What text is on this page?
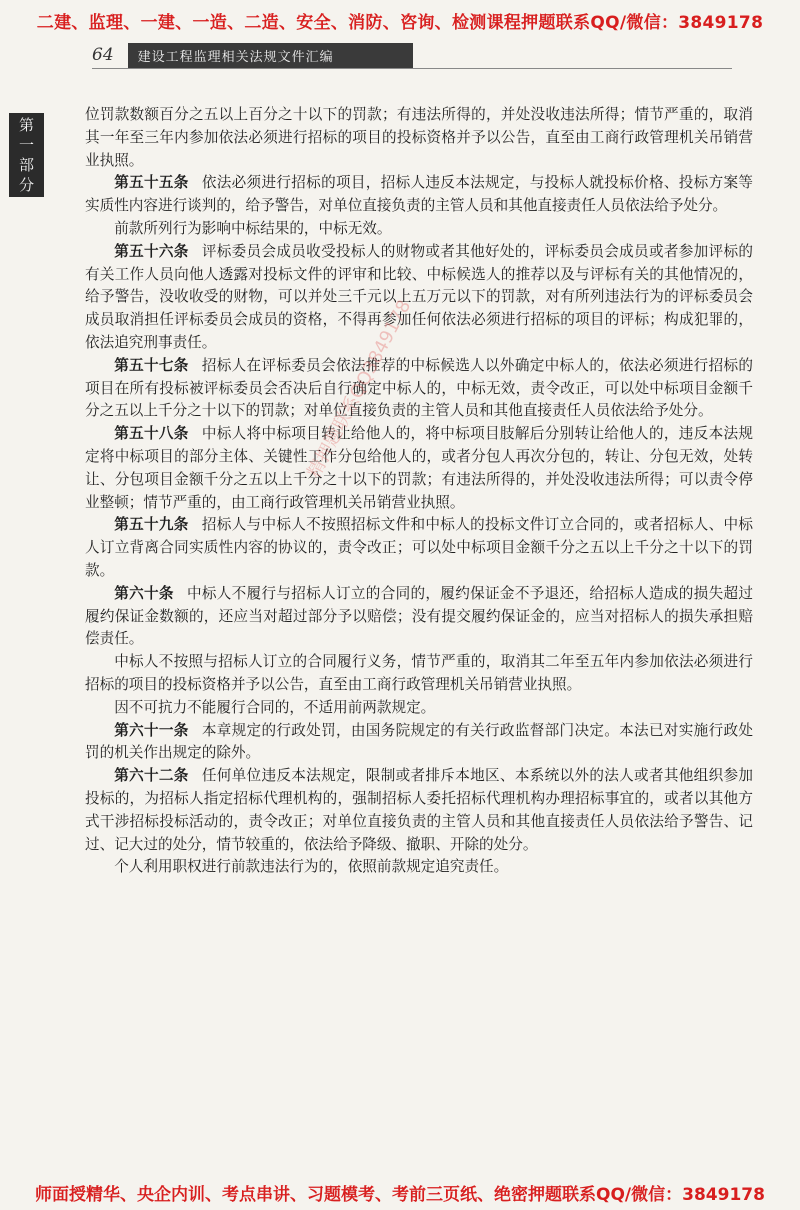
二建、监理、一建、一造、二造、安全、消防、咨询、检测课程押题联系QQ/微信：3849178
64	建设工程监理相关法规文件汇编
第
一
部
分

位罚款数额百分之五以上百分之十以下的罚款；有违法所得的，并处没收违法所得；情节严重的，取消其一年至三年内参加依法必须进行招标的项目的投标资格并予以公告，直至由工商行政管理机关吊销营业执照。

第五十五条 依法必须进行招标的项目，招标人违反本法规定，与投标人就投标价格、投标方案等实质性内容进行谈判的，给予警告，对单位直接负责的主管人员和其他直接责任人员依法给予处分。

前款所列行为影响中标结果的，中标无效。

第五十六条 评标委员会成员收受投标人的财物或者其他好处的，评标委员会成员或者参加评标的有关工作人员向他人透露对投标文件的评审和比较、中标候选人的推荐以及与评标有关的其他情况的，给予警告，没收收受的财物，可以并处三千元以上五万元以下的罚款，对有所列违法行为的评标委员会成员取消担任评标委员会成员的资格，不得再参加任何依法必须进行招标的项目的评标；构成犯罪的，依法追究刑事责任。

第五十七条 招标人在评标委员会依法推荐的中标候选人以外确定中标人的，依法必须进行招标的项目在所有投标被评标委员会否决后自行确定中标人的，中标无效，责令改正，可以处中标项目金额千分之五以上千分之十以下的罚款；对单位直接负责的主管人员和其他直接责任人员依法给予处分。

第五十八条 中标人将中标项目转让给他人的，将中标项目肢解后分别转让给他人的，违反本法规定将中标项目的部分主体、关键性工作分包给他人的，或者分包人再次分包的，转让、分包无效，处转让、分包项目金额千分之五以上千分之十以下的罚款；有违法所得的，并处没收违法所得；可以责令停业整顿；情节严重的，由工商行政管理机关吊销营业执照。

第五十九条 招标人与中标人不按照招标文件和中标人的投标文件订立合同的，或者招标人、中标人订立背离合同实质性内容的协议的，责令改正；可以处中标项目金额千分之五以上千分之十以下的罚款。

第六十条 中标人不履行与招标人订立的合同的，履约保证金不予退还，给招标人造成的损失超过履约保证金数额的，还应当对超过部分予以赔偿；没有提交履约保证金的，应当对招标人的损失承担赔偿责任。

中标人不按照与招标人订立的合同履行义务，情节严重的，取消其二年至五年内参加依法必须进行招标的项目的投标资格并予以公告，直至由工商行政管理机关吊销营业执照。

因不可抗力不能履行合同的，不适用前两款规定。

第六十一条 本章规定的行政处罚，由国务院规定的有关行政监督部门决定。本法已对实施行政处罚的机关作出规定的除外。

第六十二条 任何单位违反本法规定，限制或者排斥本地区、本系统以外的法人或者其他组织参加投标的，为招标人指定招标代理机构的，强制招标人委托招标代理机构办理招标事宜的，或者以其他方式干涉招标投标活动的，责令改正；对单位直接负责的主管人员和其他直接责任人员依法给予警告、记过、记大过的处分，情节较重的，依法给予降级、撤职、开除的处分。

个人利用职权进行前款违法行为的，依照前款规定追究责任。

精押题联系QQ3849178
师面授精华、央企内训、考点串讲、习题模考、考前三页纸、绝密押题联系QQ/微信：3849178
